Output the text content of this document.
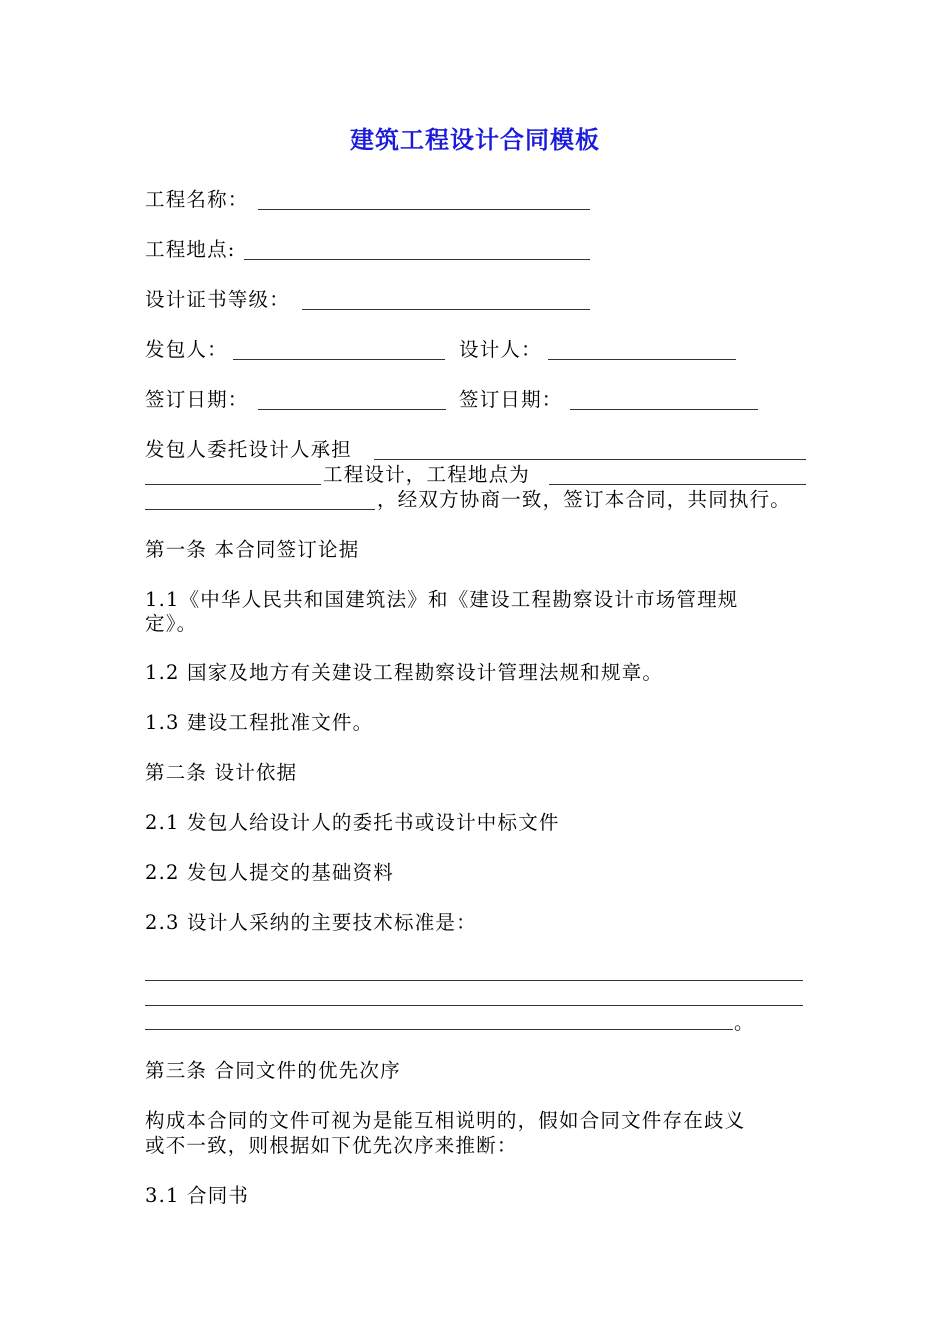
建筑工程设计合同模板
工程名称：
工程地点:
设计证书等级：
发包人：	设计人：
签订日期：	签订日期：
发包人委托设计人承担
工程设计，工程地点为
，经双方协商一致，签订本合同，共同执行。
第一条 本合同签订论据
1.1《中华人民共和国建筑法》和《建设工程勘察设计市场管理规
定》。
1.2 国家及地方有关建设工程勘察设计管理法规和规章。
1.3 建设工程批准文件。
第二条 设计依据
2.1 发包人给设计人的委托书或设计中标文件
2.2 发包人提交的基础资料
2.3 设计人采纳的主要技术标准是：
。
第三条 合同文件的优先次序
构成本合同的文件可视为是能互相说明的，假如合同文件存在歧义
或不一致，则根据如下优先次序来推断：
3.1 合同书
